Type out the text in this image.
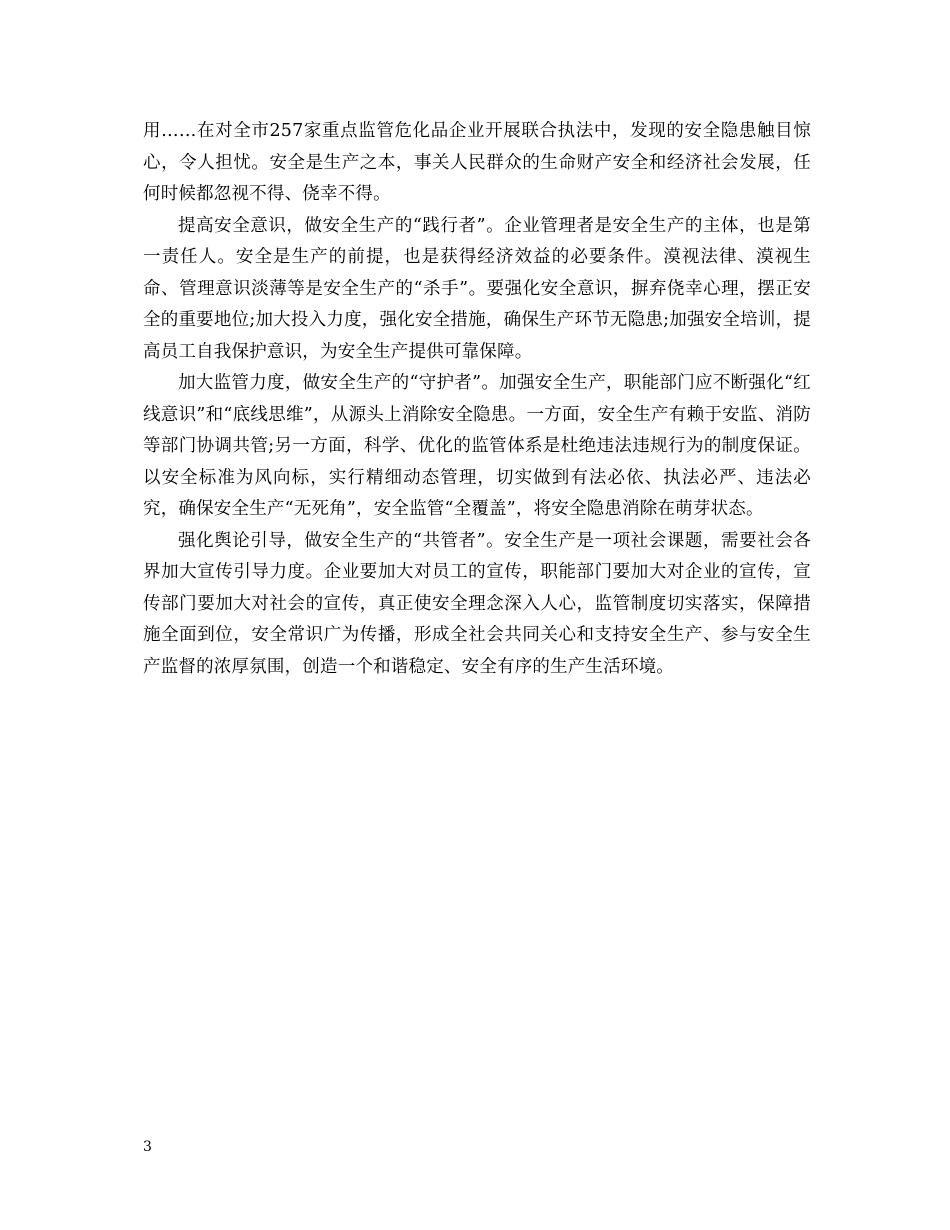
用……在对全市257家重点监管危化品企业开展联合执法中，发现的安全隐患触目惊心，令人担忧。安全是生产之本，事关人民群众的生命财产安全和经济社会发展，任何时候都忽视不得、侥幸不得。

提高安全意识，做安全生产的“践行者”。企业管理者是安全生产的主体，也是第一责任人。安全是生产的前提，也是获得经济效益的必要条件。漠视法律、漠视生命、管理意识淡薄等是安全生产的“杀手”。要强化安全意识，摒弃侥幸心理，摆正安全的重要地位;加大投入力度，强化安全措施，确保生产环节无隐患;加强安全培训，提高员工自我保护意识，为安全生产提供可靠保障。

加大监管力度，做安全生产的“守护者”。加强安全生产，职能部门应不断强化“红线意识”和“底线思维”，从源头上消除安全隐患。一方面，安全生产有赖于安监、消防等部门协调共管;另一方面，科学、优化的监管体系是杜绝违法违规行为的制度保证。以安全标准为风向标，实行精细动态管理，切实做到有法必依、执法必严、违法必究，确保安全生产“无死角”，安全监管“全覆盖”，将安全隐患消除在萌芽状态。

强化舆论引导，做安全生产的“共管者”。安全生产是一项社会课题，需要社会各界加大宣传引导力度。企业要加大对员工的宣传，职能部门要加大对企业的宣传，宣传部门要加大对社会的宣传，真正使安全理念深入人心，监管制度切实落实，保障措施全面到位，安全常识广为传播，形成全社会共同关心和支持安全生产、参与安全生产监督的浓厚氛围，创造一个和谐稳定、安全有序的生产生活环境。

3
